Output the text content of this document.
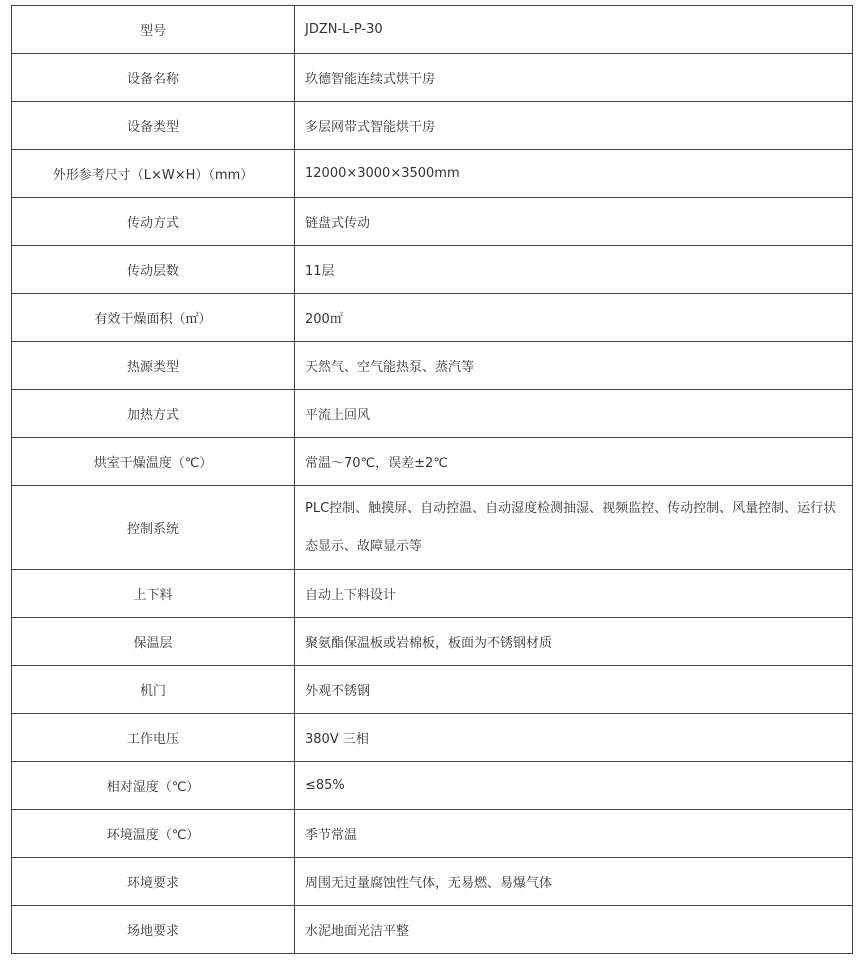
型号	JDZN-L-P-30
设备名称	玖德智能连续式烘干房
设备类型	多层网带式智能烘干房
外形参考尺寸（L×W×H）（mm）	12000×3000×3500mm
传动方式	链盘式传动
传动层数	11层
有效干燥面积（㎡）	200㎡
热源类型	天然气、空气能热泵、蒸汽等
加热方式	平流上回风
烘室干燥温度（℃）	常温～70℃，误差±2℃
控制系统	PLC控制、触摸屏、自动控温、自动湿度检测抽湿、视频监控、传动控制、风量控制、运行状态显示、故障显示等
上下料	自动上下料设计
保温层	聚氨酯保温板或岩棉板，板面为不锈钢材质
机门	外观不锈钢
工作电压	380V 三相
相对湿度（℃）	≤85%
环境温度（℃）	季节常温
环境要求	周围无过量腐蚀性气体，无易燃、易爆气体
场地要求	水泥地面光洁平整
